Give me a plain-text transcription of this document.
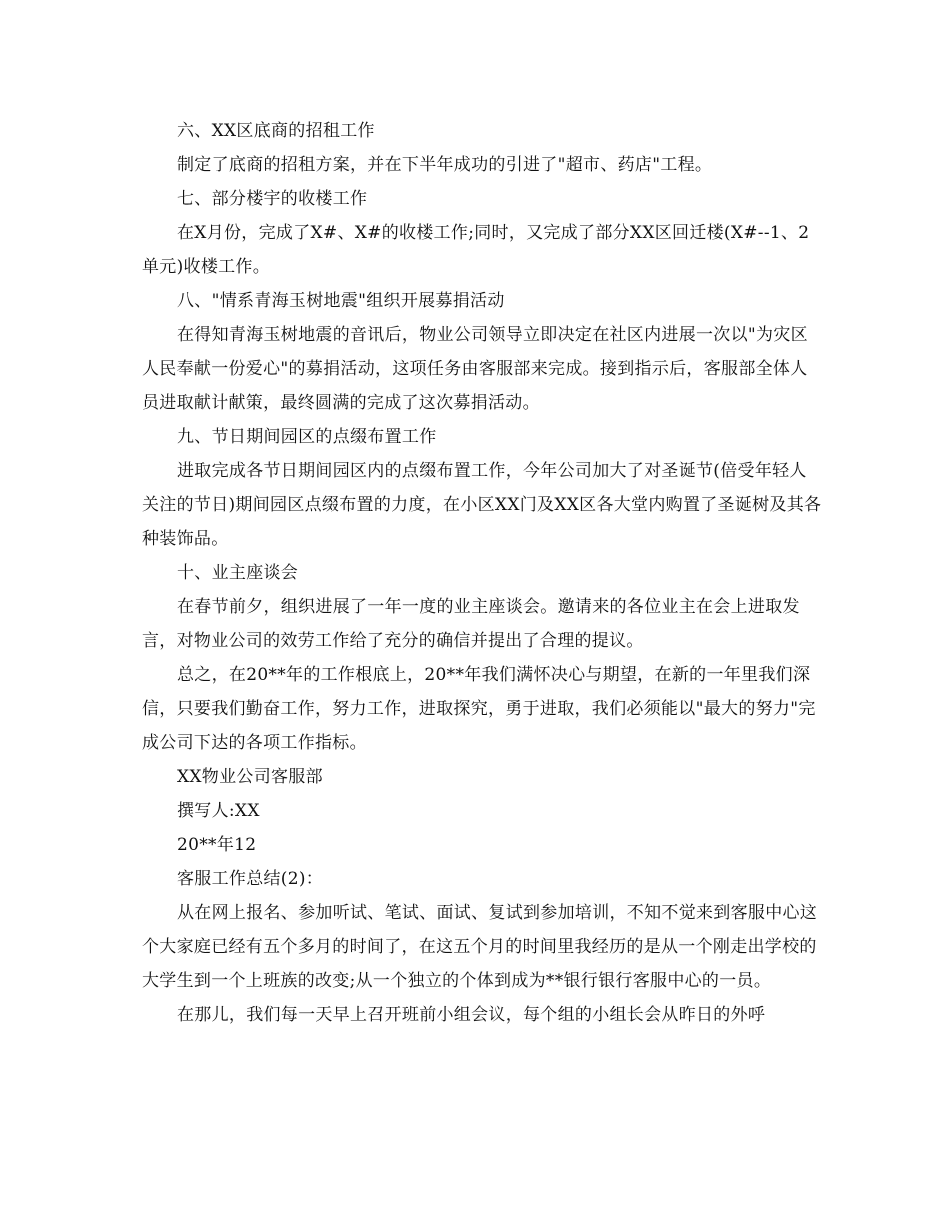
六、XX区底商的招租工作

制定了底商的招租方案，并在下半年成功的引进了"超市、药店"工程。

七、部分楼宇的收楼工作

在X月份，完成了X#、X#的收楼工作;同时，又完成了部分XX区回迁楼(X#--1、2单元)收楼工作。

八、"情系青海玉树地震"组织开展募捐活动

在得知青海玉树地震的音讯后，物业公司领导立即决定在社区内进展一次以"为灾区人民奉献一份爱心"的募捐活动，这项任务由客服部来完成。接到指示后，客服部全体人员进取献计献策，最终圆满的完成了这次募捐活动。

九、节日期间园区的点缀布置工作

进取完成各节日期间园区内的点缀布置工作，今年公司加大了对圣诞节(倍受年轻人关注的节日)期间园区点缀布置的力度，在小区XX门及XX区各大堂内购置了圣诞树及其各种装饰品。

十、业主座谈会

在春节前夕，组织进展了一年一度的业主座谈会。邀请来的各位业主在会上进取发言，对物业公司的效劳工作给了充分的确信并提出了合理的提议。

总之，在20**年的工作根底上，20**年我们满怀决心与期望，在新的一年里我们深信，只要我们勤奋工作，努力工作，进取探究，勇于进取，我们必须能以"最大的努力"完成公司下达的各项工作指标。

XX物业公司客服部

撰写人:XX

20**年12

客服工作总结(2)：

从在网上报名、参加听试、笔试、面试、复试到参加培训，不知不觉来到客服中心这个大家庭已经有五个多月的时间了，在这五个月的时间里我经历的是从一个刚走出学校的大学生到一个上班族的改变;从一个独立的个体到成为**银行银行客服中心的一员。

在那儿，我们每一天早上召开班前小组会议，每个组的小组长会从昨日的外呼
